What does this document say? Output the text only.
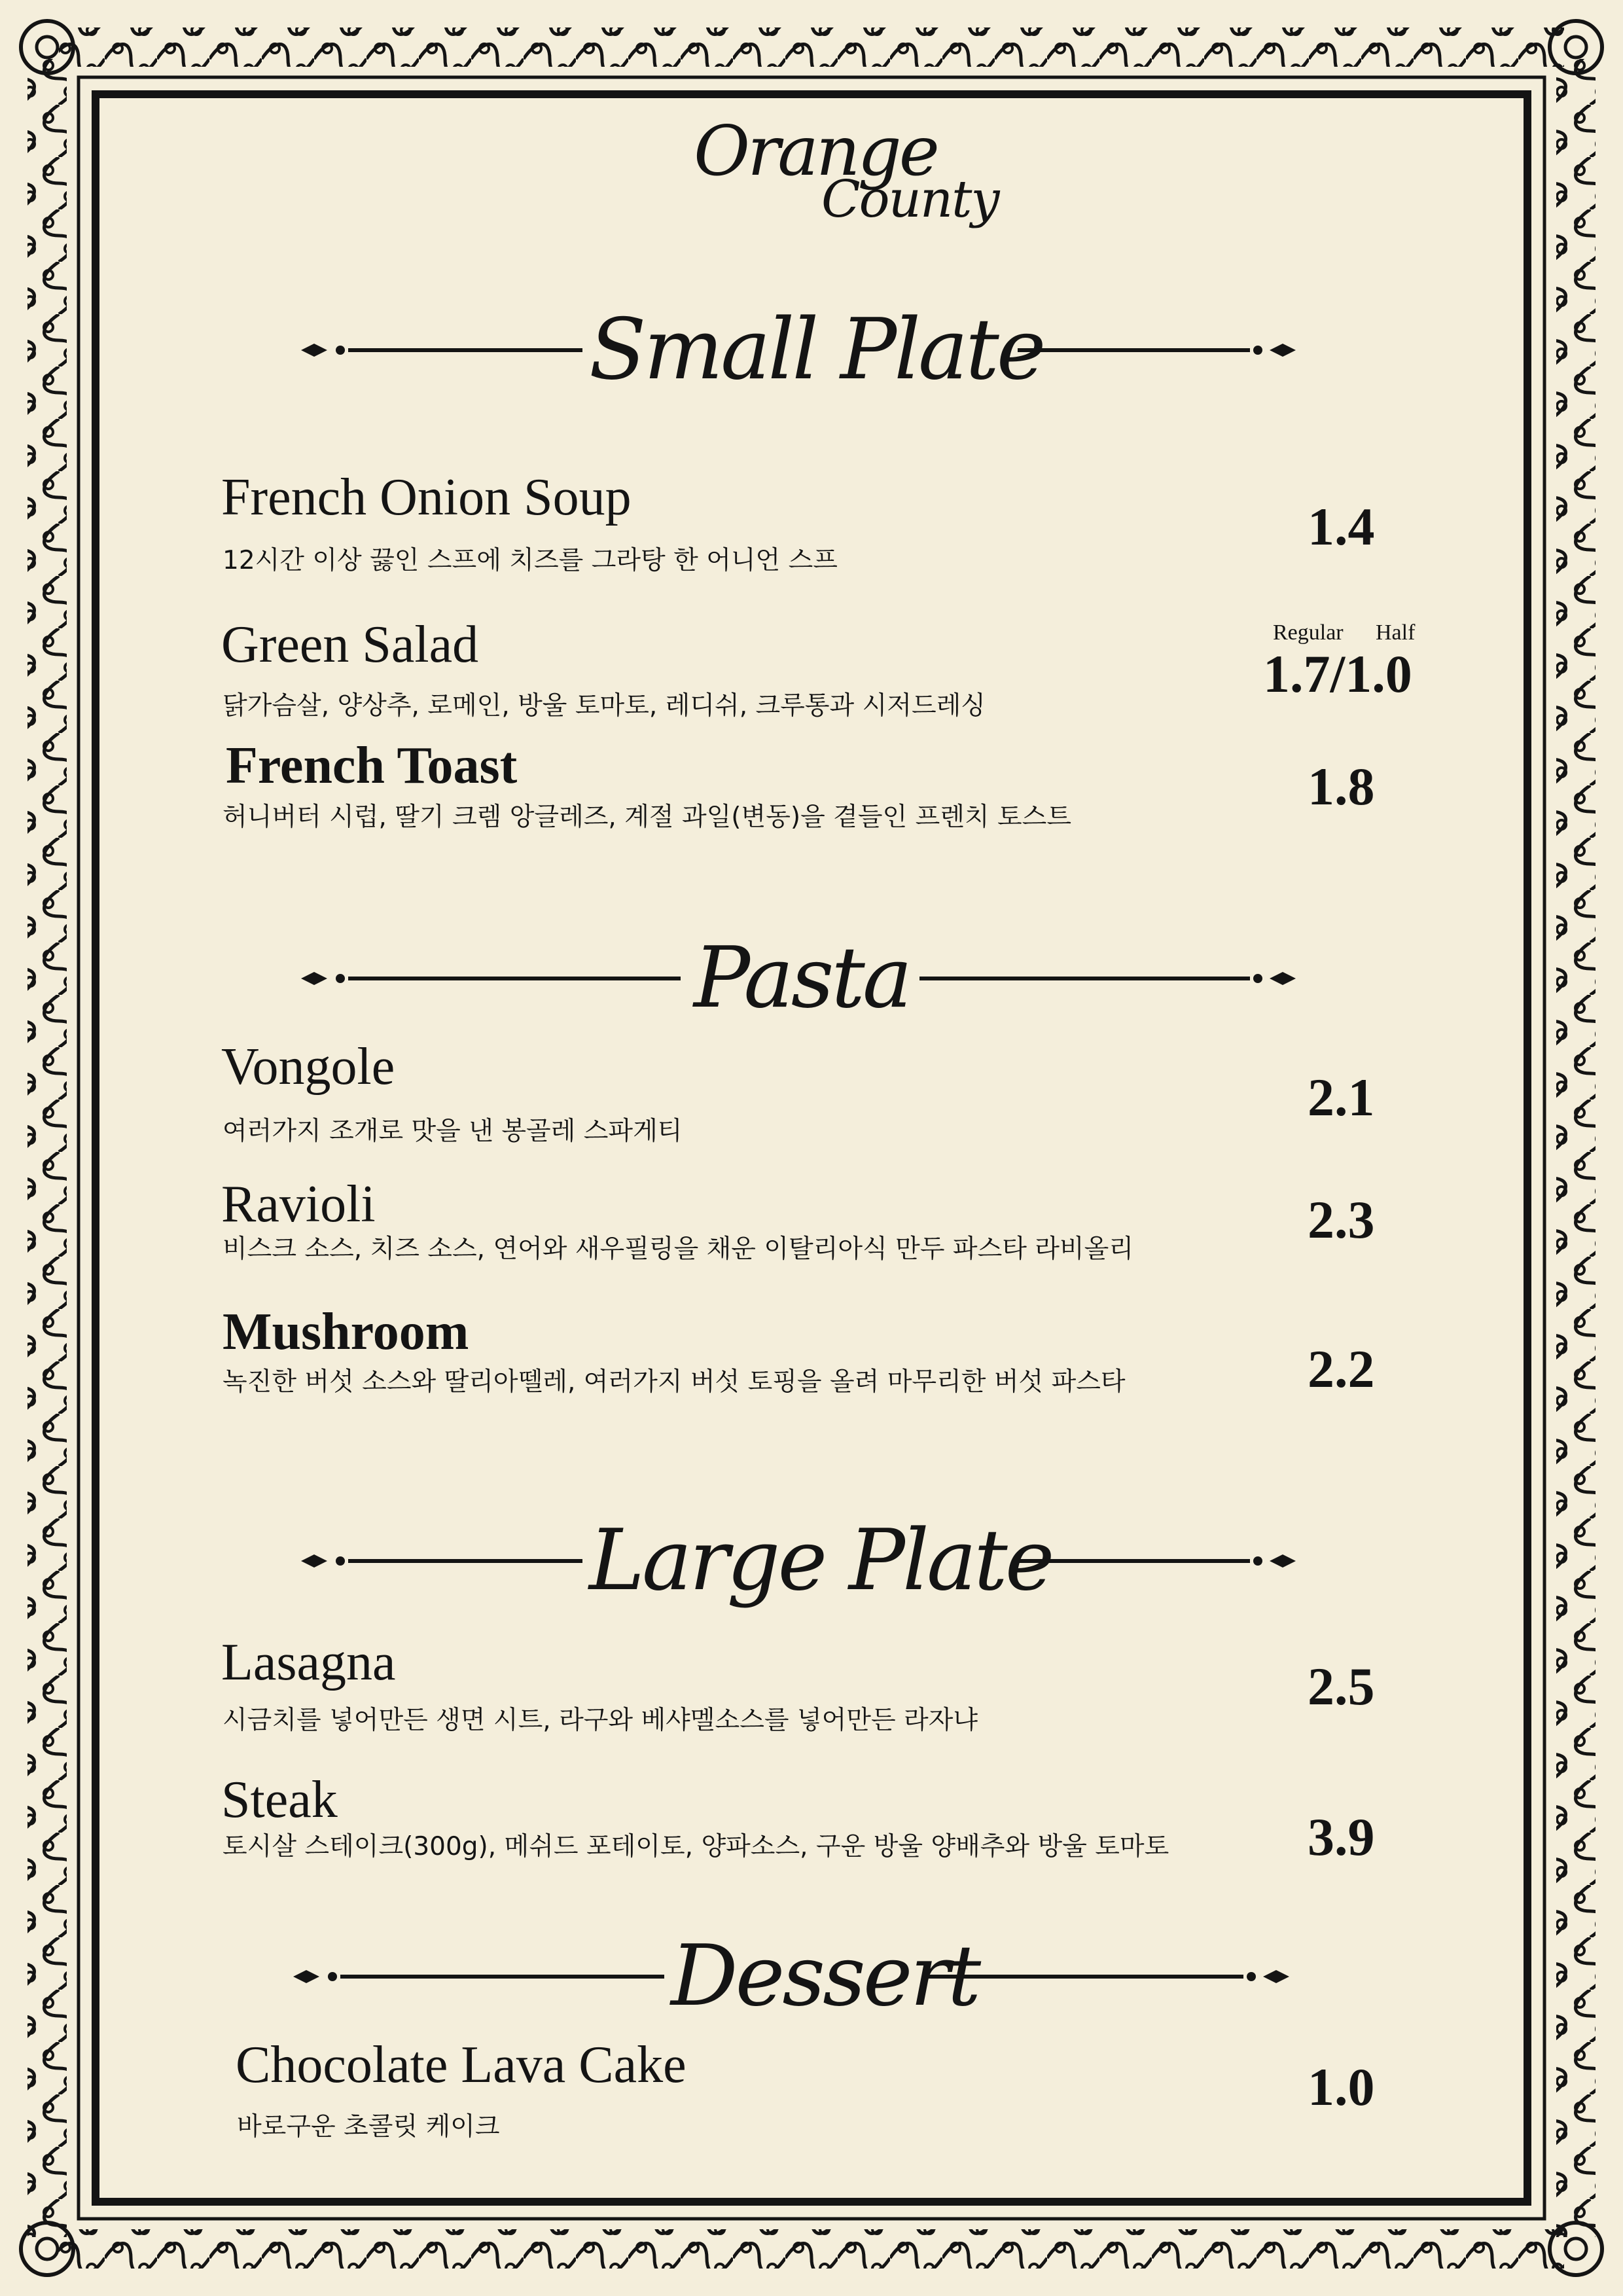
Orange
County
Small Plate
French Onion Soup
12시간 이상 끓인 스프에 치즈를 그라탕 한 어니언 스프
1.4
Green Salad
닭가슴살, 양상추, 로메인, 방울 토마토, 레디쉬, 크루통과 시저드레싱
Regular Half
1.7/1.0
French Toast
허니버터 시럽, 딸기 크렘 앙글레즈, 계절 과일(변동)을 곁들인 프렌치 토스트
1.8
Pasta
Vongole
여러가지 조개로 맛을 낸 봉골레 스파게티
2.1
Ravioli
비스크 소스, 치즈 소스, 연어와 새우필링을 채운 이탈리아식 만두 파스타 라비올리	2.3
Mushroom
녹진한 버섯 소스와 딸리아뗄레, 여러가지 버섯 토핑을 올려 마무리한 버섯 파스타	2.2
Large Plate
Lasagna
시금치를 넣어만든 생면 시트, 라구와 베샤멜소스를 넣어만든 라자냐
2.5
Steak
토시살 스테이크(300g), 메쉬드 포테이토, 양파소스, 구운 방울 양배추와 방울 토마토	3.9
Dessert
Chocolate Lava Cake
바로구운 초콜릿 케이크
1.0
